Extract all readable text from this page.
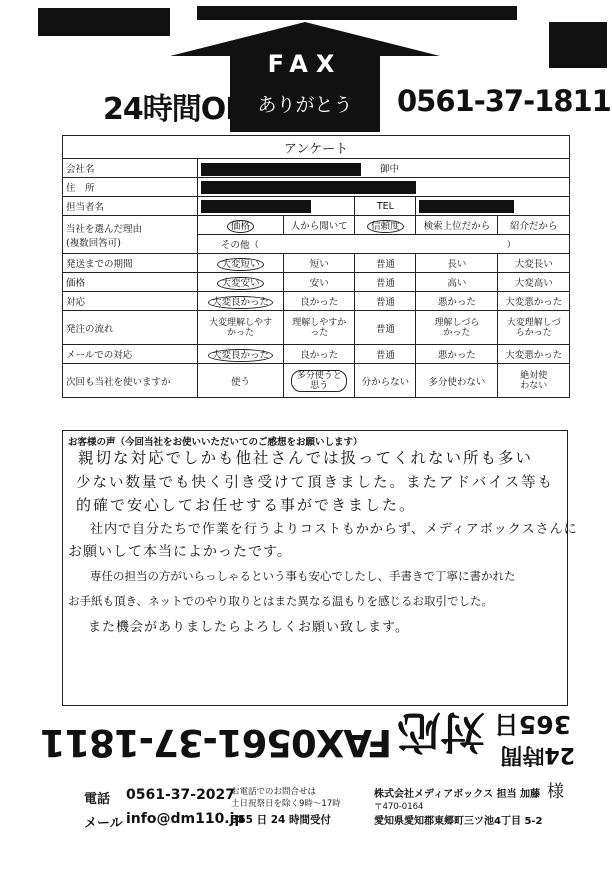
FAX
ありがとう
24時間OK	0561-37-1811
アンケート					
会社名	御中				
住　所					
担当者名			TEL		

当社を選んだ理由
(複数回答可)	価格	人から聞いて	信頼度	検索上位だから	紹介だから
	その他（ ）				

発送までの期間	大変短い	短い	普通	長い	大変長い
価格	大変安い	安い	普通	高い	大変高い
対応	大変良かった	良かった	普通	悪かった	大変悪かった
発注の流れ	大変理解しやすかった	理解しやすかった	普通	理解しづらかった	大変理解しづらかった

メールでの対応	大変良かった	良かった	普通	悪かった	大変悪かった
次回も当社を使いますか	使う	多分使うと思う	分からない	多分使わない	絶対使わない
お客様の声（今回当社をお使いいただいてのご感想をお願いします）
親切な対応でしかも他社さんでは扱ってくれない所も多い
少ない数量でも快く引き受けて頂きました。またアドバイス等も
的確で安心してお任せする事ができました。
社内で自分たちで作業を行うよりコストもかからず、メディアボックスさんに
お願いして本当によかったです。
専任の担当の方がいらっしゃるという事も安心でしたし、手書きで丁寧に書かれた
お手紙も頂き、ネットでのやり取りとはまた異なる温もりを感じるお取引でした。
また機会がありましたらよろしくお願い致します。
24時間
365日
対応
FAX0561-37-1811
電話 0561-37-2027
お電話でのお問合せは
土日祝祭日を除く9時〜17時
メール info@dm110.jp
365 日 24 時間受付
株式会社メディアボックス 担当 加藤 様
〒470-0164
愛知県愛知郡東郷町三ツ池4丁目 5-2
